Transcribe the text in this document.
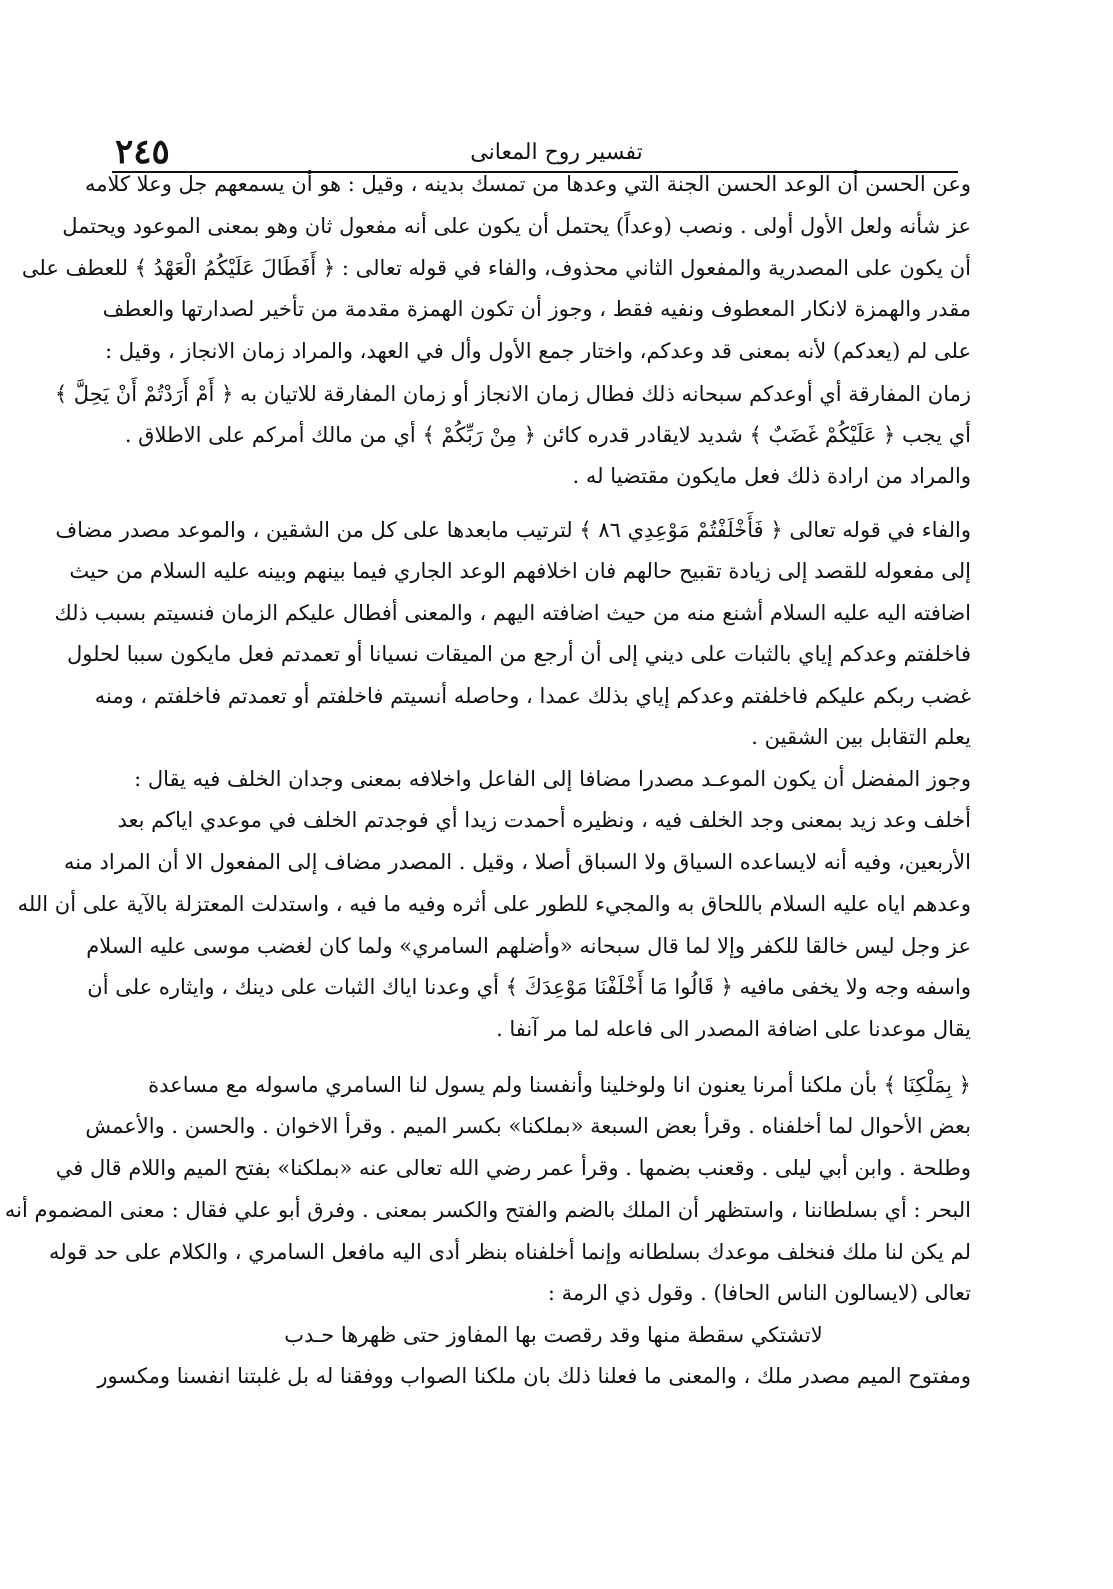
٢٤٥	تفسير روح المعانى
وعن الحسن أن الوعد الحسن الجنة التي وعدها من تمسك بدينه ، وقيل : هو أن يسمعهم جل وعلا كلامه
عز شأنه ولعل الأول أولى . ونصب (وعداً) يحتمل أن يكون على أنه مفعول ثان وهو بمعنى الموعود ويحتمل
أن يكون على المصدرية والمفعول الثاني محذوف، والفاء في قوله تعالى : ﴿ أَفَطَالَ عَلَيْكُمُ الْعَهْدُ ﴾ للعطف على
مقدر والهمزة لانكار المعطوف ونفيه فقط ، وجوز أن تكون الهمزة مقدمة من تأخير لصدارتها والعطف
على لم (يعدكم) لأنه بمعنى قد وعدكم، واختار جمع الأول وأل في العهد، والمراد زمان الانجاز ، وقيل :
زمان المفارقة أي أوعدكم سبحانه ذلك فطال زمان الانجاز أو زمان المفارقة للاتيان به ﴿ أَمْ أَرَدْتُمْ أَنْ يَحِلَّ ﴾
أي يجب ﴿ عَلَيْكُمْ غَضَبٌ ﴾ شديد لايقادر قدره كائن ﴿ مِنْ رَبِّكُمْ ﴾ أي من مالك أمركم على الاطلاق .
والمراد من ارادة ذلك فعل مايكون مقتضيا له .
والفاء في قوله تعالى ﴿ فَأَخْلَفْتُمْ مَوْعِدِي ٨٦ ﴾ لترتيب مابعدها على كل من الشقين ، والموعد مصدر مضاف
إلى مفعوله للقصد إلى زيادة تقبيح حالهم فان اخلافهم الوعد الجاري فيما بينهم وبينه عليه السلام من حيث
اضافته اليه عليه السلام أشنع منه من حيث اضافته اليهم ، والمعنى أفطال عليكم الزمان فنسيتم بسبب ذلك
فاخلفتم وعدكم إياي بالثبات على ديني إلى أن أرجع من الميقات نسيانا أو تعمدتم فعل مايكون سببا لحلول
غضب ربكم عليكم فاخلفتم وعدكم إياي بذلك عمدا ، وحاصله أنسيتم فاخلفتم أو تعمدتم فاخلفتم ، ومنه
يعلم التقابل بين الشقين .
وجوز المفضل أن يكون الموعـد مصدرا مضافا إلى الفاعل واخلافه بمعنى وجدان الخلف فيه يقال :
أخلف وعد زيد بمعنى وجد الخلف فيه ، ونظيره أحمدت زيدا أي فوجدتم الخلف في موعدي اياكم بعد
الأربعين، وفيه أنه لايساعده السياق ولا السباق أصلا ، وقيل . المصدر مضاف إلى المفعول الا أن المراد منه
وعدهم اياه عليه السلام باللحاق به والمجيء للطور على أثره وفيه ما فيه ، واستدلت المعتزلة بالآية على أن الله
عز وجل ليس خالقا للكفر وإلا لما قال سبحانه «وأضلهم السامري» ولما كان لغضب موسى عليه السلام
واسفه وجه ولا يخفى مافيه ﴿ قَالُوا مَا أَخْلَفْنَا مَوْعِدَكَ ﴾ أي وعدنا اياك الثبات على دينك ، وايثاره على أن
يقال موعدنا على اضافة المصدر الى فاعله لما مر آنفا .
﴿ بِمَلْكِنَا ﴾ بأن ملكنا أمرنا يعنون انا ولوخلينا وأنفسنا ولم يسول لنا السامري ماسوله مع مساعدة
بعض الأحوال لما أخلفناه . وقرأ بعض السبعة «بملكنا» بكسر الميم . وقرأ الاخوان . والحسن . والأعمش
وطلحة . وابن أبي ليلى . وقعنب بضمها . وقرأ عمر رضي الله تعالى عنه «بملكنا» بفتح الميم واللام قال في
البحر : أي بسلطاننا ، واستظهر أن الملك بالضم والفتح والكسر بمعنى . وفرق أبو علي فقال : معنى المضموم أنه
لم يكن لنا ملك فنخلف موعدك بسلطانه وإنما أخلفناه بنظر أدى اليه مافعل السامري ، والكلام على حد قوله
تعالى (لايسالون الناس الحافا) . وقول ذي الرمة :
لاتشتكي سقطة منها وقد رقصت بها المفاوز حتى ظهرها حـدب
ومفتوح الميم مصدر ملك ، والمعنى ما فعلنا ذلك بان ملكنا الصواب ووفقنا له بل غلبتنا انفسنا ومكسور
